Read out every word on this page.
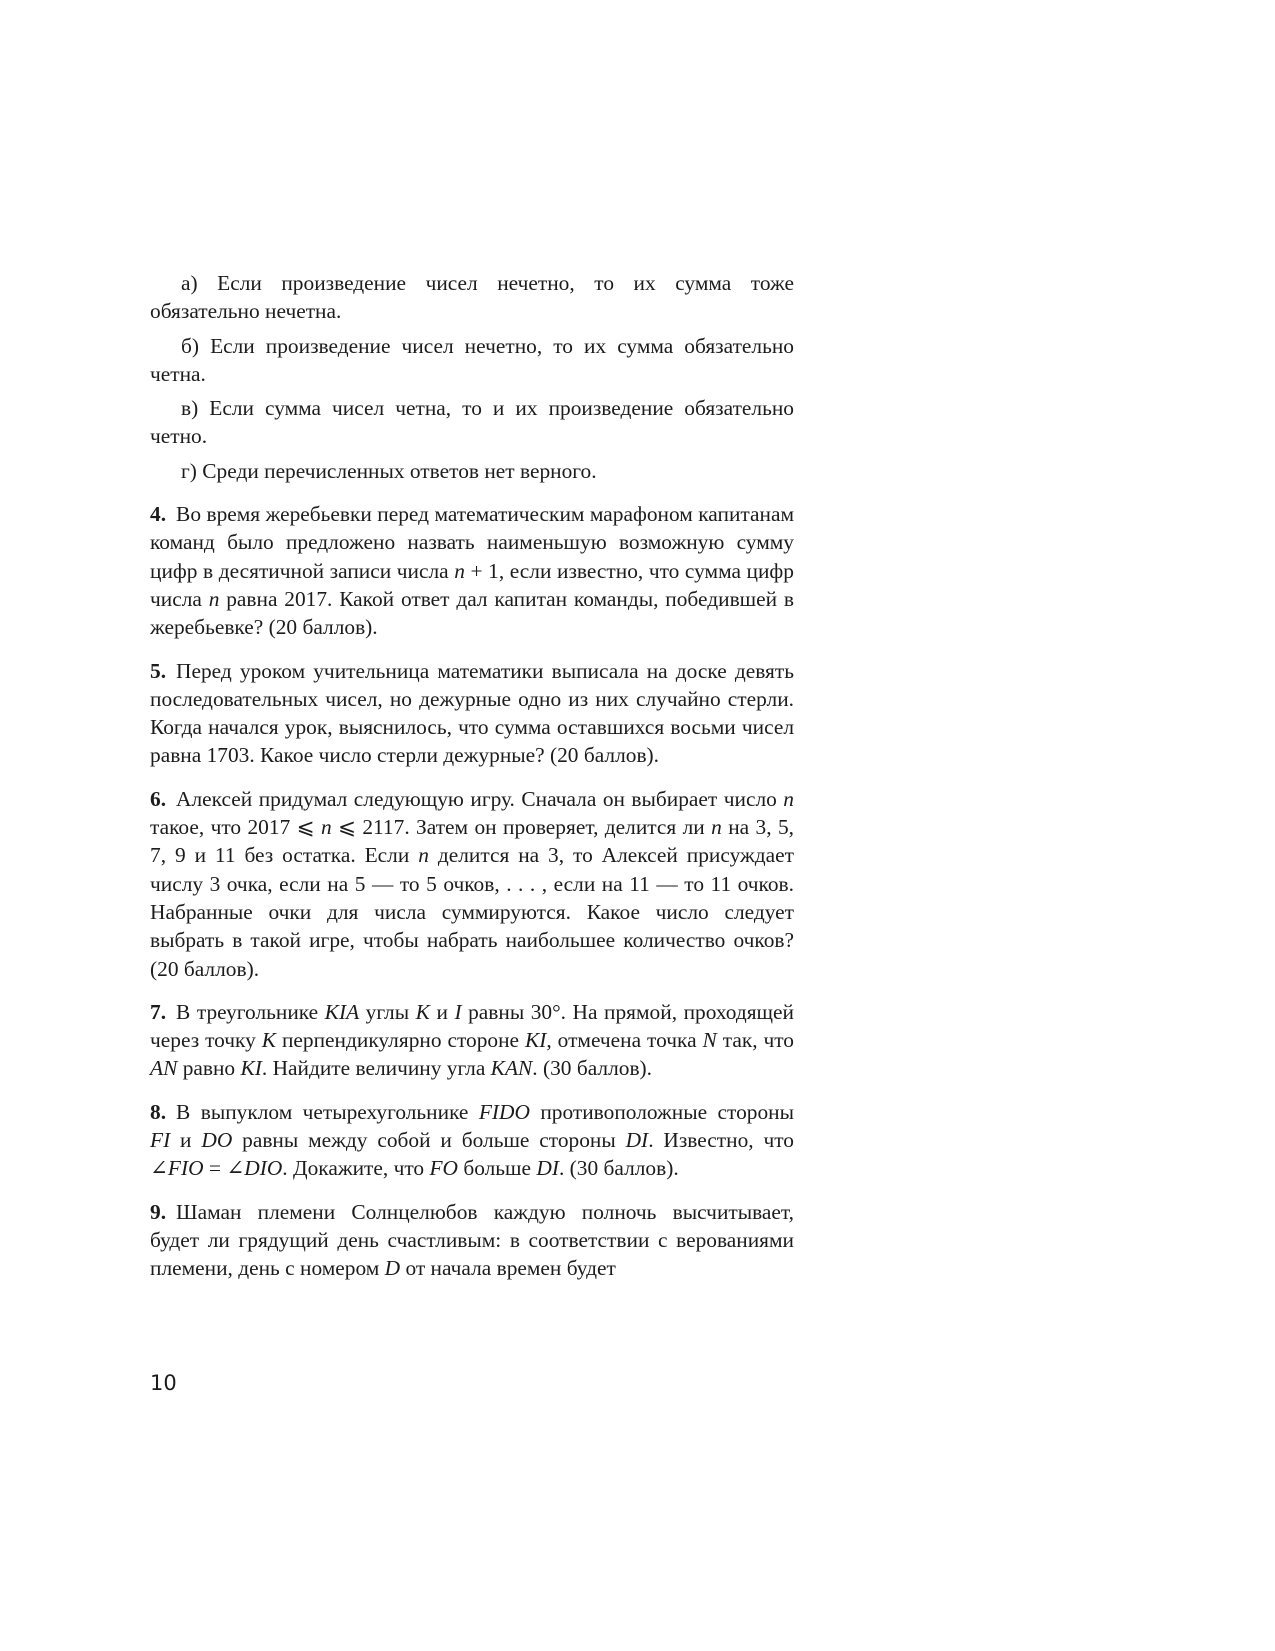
а) Если произведение чисел нечетно, то их сумма тоже обязательно нечетна.

б) Если произведение чисел нечетно, то их сумма обязательно четна.

в) Если сумма чисел четна, то и их произведение обязательно четно.

г) Среди перечисленных ответов нет верного.

4. Во время жеребьевки перед математическим марафоном капитанам команд было предложено назвать наименьшую возможную сумму цифр в десятичной записи числа n + 1, если известно, что сумма цифр числа n равна 2017. Какой ответ дал капитан команды, победившей в жеребьевке? (20 баллов).

5. Перед уроком учительница математики выписала на доске девять последовательных чисел, но дежурные одно из них случайно стерли. Когда начался урок, выяснилось, что сумма оставшихся восьми чисел равна 1703. Какое число стерли дежурные? (20 баллов).

6. Алексей придумал следующую игру. Сначала он выбирает число n такое, что 2017 ⩽ n ⩽ 2117. Затем он проверяет, делится ли n на 3, 5, 7, 9 и 11 без остатка. Если n делится на 3, то Алексей присуждает числу 3 очка, если на 5 — то 5 очков, . . . , если на 11 — то 11 очков. Набранные очки для числа суммируются. Какое число следует выбрать в такой игре, чтобы набрать наибольшее количество очков? (20 баллов).

7. В треугольнике KIA углы K и I равны 30°. На прямой, проходящей через точку K перпендикулярно стороне KI, отмечена точка N так, что AN равно KI. Найдите величину угла KAN. (30 баллов).

8. В выпуклом четырехугольнике FIDO противоположные стороны FI и DO равны между собой и больше стороны DI. Известно, что ∠FIO = ∠DIO. Докажите, что FO больше DI. (30 баллов).

9. Шаман племени Солнцелюбов каждую полночь высчитывает, будет ли грядущий день счастливым: в соответствии с верованиями племени, день с номером D от начала времен будет

10
